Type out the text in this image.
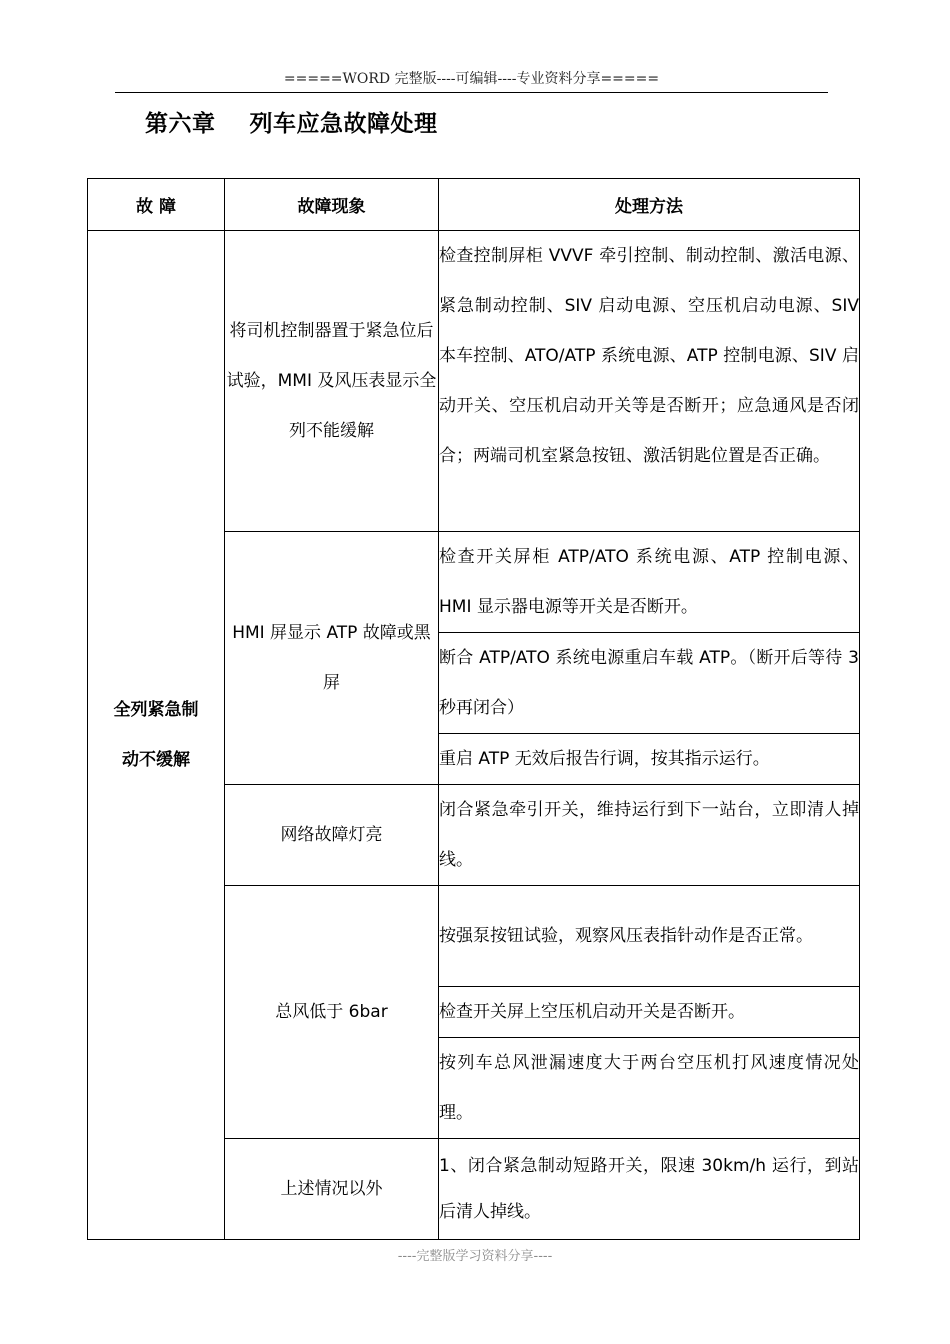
=====WORD 完整版----可编辑----专业资料分享=====
第六章    列车应急故障处理
故 障	故障现象	处理方法

全列紧急制动不缓解	将司机控制器置于紧急位后试验，MMI 及风压表显示全列不能缓解	检查控制屏柜 VVVF 牵引控制、制动控制、激活电源、紧急制动控制、SIV 启动电源、空压机启动电源、SIV 本车控制、ATO/ATP 系统电源、ATP 控制电源、SIV 启动开关、空压机启动开关等是否断开；应急通风是否闭合；两端司机室紧急按钮、激活钥匙位置是否正确。

	HMI 屏显示 ATP 故障或黑屏	检查开关屏柜 ATP/ATO 系统电源、ATP 控制电源、HMI 显示器电源等开关是否断开。

		断合 ATP/ATO 系统电源重启车载 ATP。（断开后等待 3 秒再闭合）

		重启 ATP 无效后报告行调，按其指示运行。

	网络故障灯亮	闭合紧急牵引开关，维持运行到下一站台，立即清人掉线。

	总风低于 6bar	按强泵按钮试验，观察风压表指针动作是否正常。

		检查开关屏上空压机启动开关是否断开。

		按列车总风泄漏速度大于两台空压机打风速度情况处理。

	上述情况以外	1、闭合紧急制动短路开关，限速 30km/h 运行，到站后清人掉线。
----完整版学习资料分享----
